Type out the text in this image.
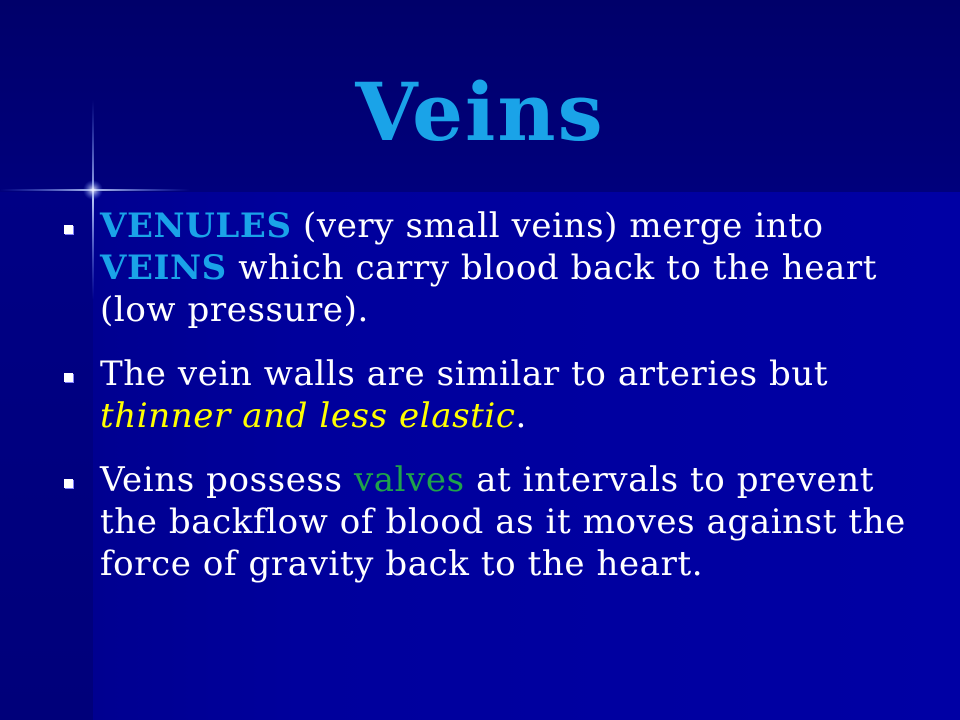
Veins
VENULES (very small veins) merge into VEINS which carry blood back to the heart (low pressure).
The vein walls are similar to arteries but thinner and less elastic.
Veins possess valves at intervals to prevent the backflow of blood as it moves against the force of gravity back to the heart.
